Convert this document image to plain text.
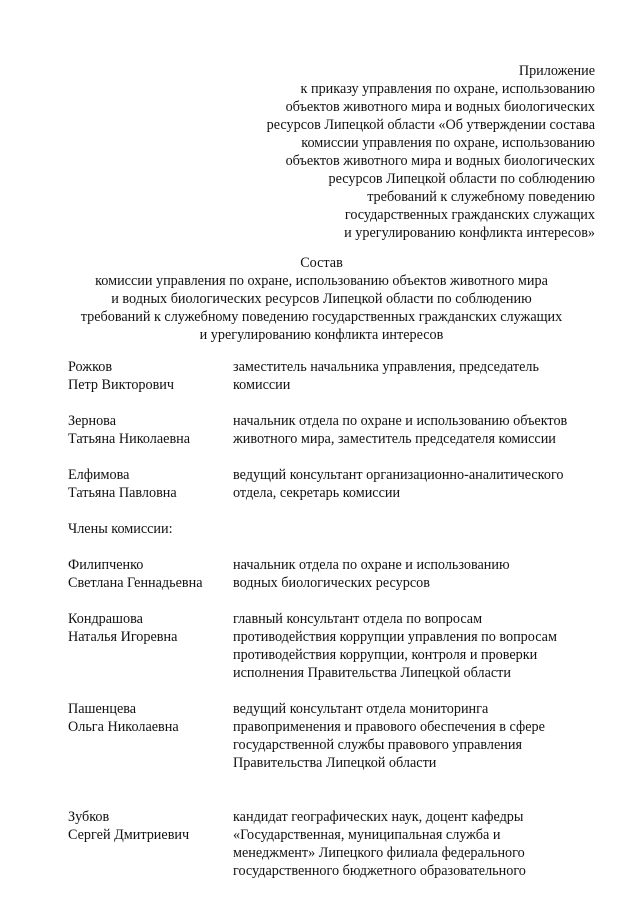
Приложение
к приказу управления по охране, использованию
объектов животного мира и водных биологических
ресурсов Липецкой области «Об утверждении состава
комиссии управления по охране, использованию
объектов животного мира и водных биологических
ресурсов Липецкой области по соблюдению
требований к служебному поведению
государственных гражданских служащих
и урегулированию конфликта интересов»
Состав
комиссии управления по охране, использованию объектов животного мира
и водных биологических ресурсов Липецкой области по соблюдению
требований к служебному поведению государственных гражданских служащих
и урегулированию конфликта интересов
Рожков
Петр Викторович
заместитель начальника управления, председатель
комиссии
Зернова
Татьяна Николаевна
начальник отдела по охране и использованию объектов
животного мира, заместитель председателя комиссии
Елфимова
Татьяна Павловна
ведущий консультант организационно-аналитического
отдела, секретарь комиссии
Члены комиссии:
Филипченко
Светлана Геннадьевна
начальник отдела по охране и использованию
водных биологических ресурсов
Кондрашова
Наталья Игоревна
главный консультант отдела по вопросам
противодействия коррупции управления по вопросам
противодействия коррупции, контроля и проверки
исполнения Правительства Липецкой области
Пашенцева
Ольга Николаевна
ведущий консультант отдела мониторинга
правоприменения и правового обеспечения в сфере
государственной службы правового управления
Правительства Липецкой области
Зубков
Сергей Дмитриевич
кандидат географических наук, доцент кафедры
«Государственная, муниципальная служба и
менеджмент» Липецкого филиала федерального
государственного бюджетного образовательного
